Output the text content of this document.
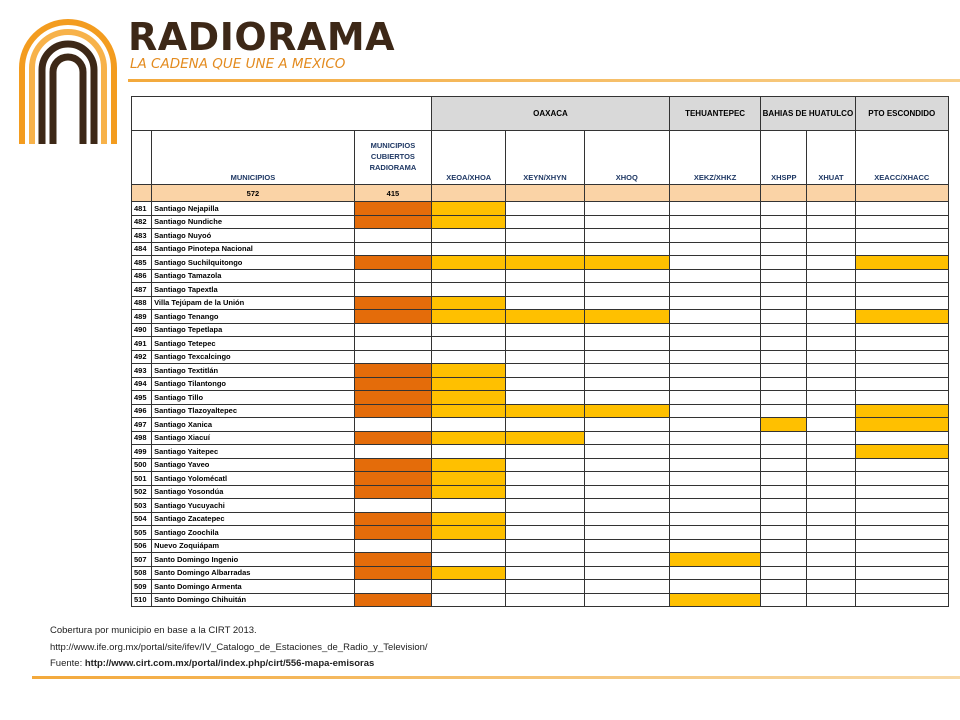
RADIORAMA
LA CADENA QUE UNE A MEXICO
			OAXACA			TEHUANTEPEC	BAHIAS DE HUATULCO		PTO ESCONDIDO
	MUNICIPIOS	MUNICIPIOS CUBIERTOS RADIORAMA	XEOA/XHOA	XEYN/XHYN	XHOQ	XEKZ/XHKZ	XHSPP	XHUAT	XEACC/XHACC
	572	415							
481	Santiago Nejapilla								
482	Santiago Nundiche								
483	Santiago Nuyoó								
484	Santiago Pinotepa Nacional								
485	Santiago Suchilquitongo								
486	Santiago Tamazola								
487	Santiago Tapextla								
488	Villa Tejúpam de la Unión								
489	Santiago Tenango								
490	Santiago Tepetlapa								
491	Santiago Tetepec								
492	Santiago Texcalcingo								
493	Santiago Textitlán								
494	Santiago Tilantongo								
495	Santiago Tillo								
496	Santiago Tlazoyaltepec								
497	Santiago Xanica								
498	Santiago Xiacuí								
499	Santiago Yaitepec								
500	Santiago Yaveo								
501	Santiago Yolomécatl								
502	Santiago Yosondúa								
503	Santiago Yucuyachi								
504	Santiago Zacatepec								
505	Santiago Zoochila								
506	Nuevo Zoquiápam								
507	Santo Domingo Ingenio								
508	Santo Domingo Albarradas								
509	Santo Domingo Armenta								
510	Santo Domingo Chihuitán								
Cobertura por municipio en base a la CIRT 2013.
http://www.ife.org.mx/portal/site/ifev/IV_Catalogo_de_Estaciones_de_Radio_y_Television/
Fuente: http://www.cirt.com.mx/portal/index.php/cirt/556-mapa-emisoras
